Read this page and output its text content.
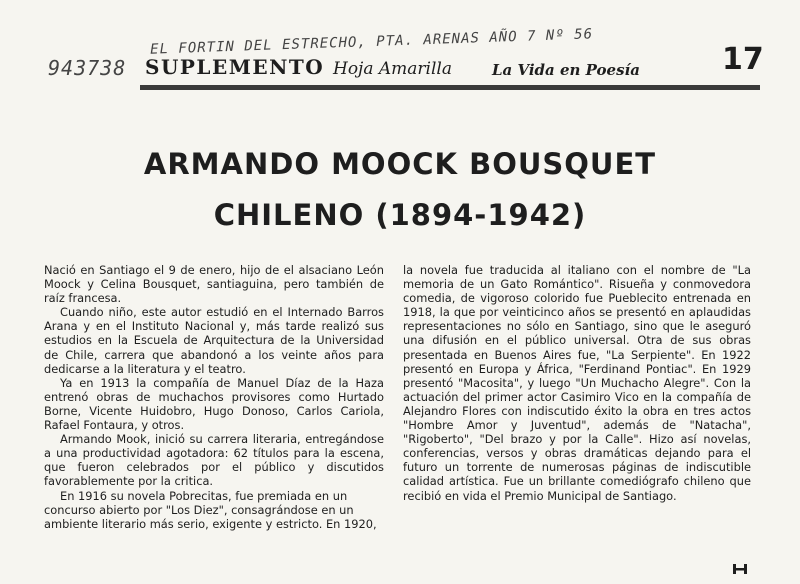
EL FORTIN DEL ESTRECHO, PTA. ARENAS AÑO 7 Nº 56
943738 SUPLEMENTO Hoja Amarilla	La Vida en Poesía	17
ARMANDO MOOCK BOUSQUET
CHILENO (1894-1942)

Nació en Santiago el 9 de enero, hijo de el alsaciano León Moock y Celina Bousquet, santiaguina, pero también de raíz francesa.

Cuando niño, este autor estudió en el Internado Barros Arana y en el Instituto Nacional y, más tarde realizó sus estudios en la Escuela de Arquitectura de la Universidad de Chile, carrera que abandonó a los veinte años para dedicarse a la literatura y el teatro.

Ya en 1913 la compañía de Manuel Díaz de la Haza entrenó obras de muchachos provisores como Hurtado Borne, Vicente Huidobro, Hugo Donoso, Carlos Cariola, Rafael Fontaura, y otros.

Armando Mook, inició su carrera literaria, entregándose a una productividad agotadora: 62 títulos para la escena, que fueron celebrados por el público y discutidos favorablemente por la critica.

En 1916 su novela Pobrecitas, fue premiada en un concurso abierto por "Los Diez", consagrándose en un ambiente literario más serio, exigente y estricto. En 1920,

la novela fue traducida al italiano con el nombre de "La memoria de un Gato Romántico". Risueña y conmovedora comedia, de vigoroso colorido fue Pueblecito entrenada en 1918, la que por veinticinco años se presentó en aplaudidas representaciones no sólo en Santiago, sino que le aseguró una difusión en el público universal. Otra de sus obras presentada en Buenos Aires fue, "La Serpiente". En 1922 presentó en Europa y África, "Ferdinand Pontiac". En 1929 presentó "Macosita", y luego "Un Muchacho Alegre". Con la actuación del primer actor Casimiro Vico en la compañía de Alejandro Flores con indiscutido éxito la obra en tres actos "Hombre Amor y Juventud", además de "Natacha", "Rigoberto", "Del brazo y por la Calle". Hizo así novelas, conferencias, versos y obras dramáticas dejando para el futuro un torrente de numerosas páginas de indiscutible calidad artística. Fue un brillante comediógrafo chileno que recibió en vida el Premio Municipal de Santiago.
